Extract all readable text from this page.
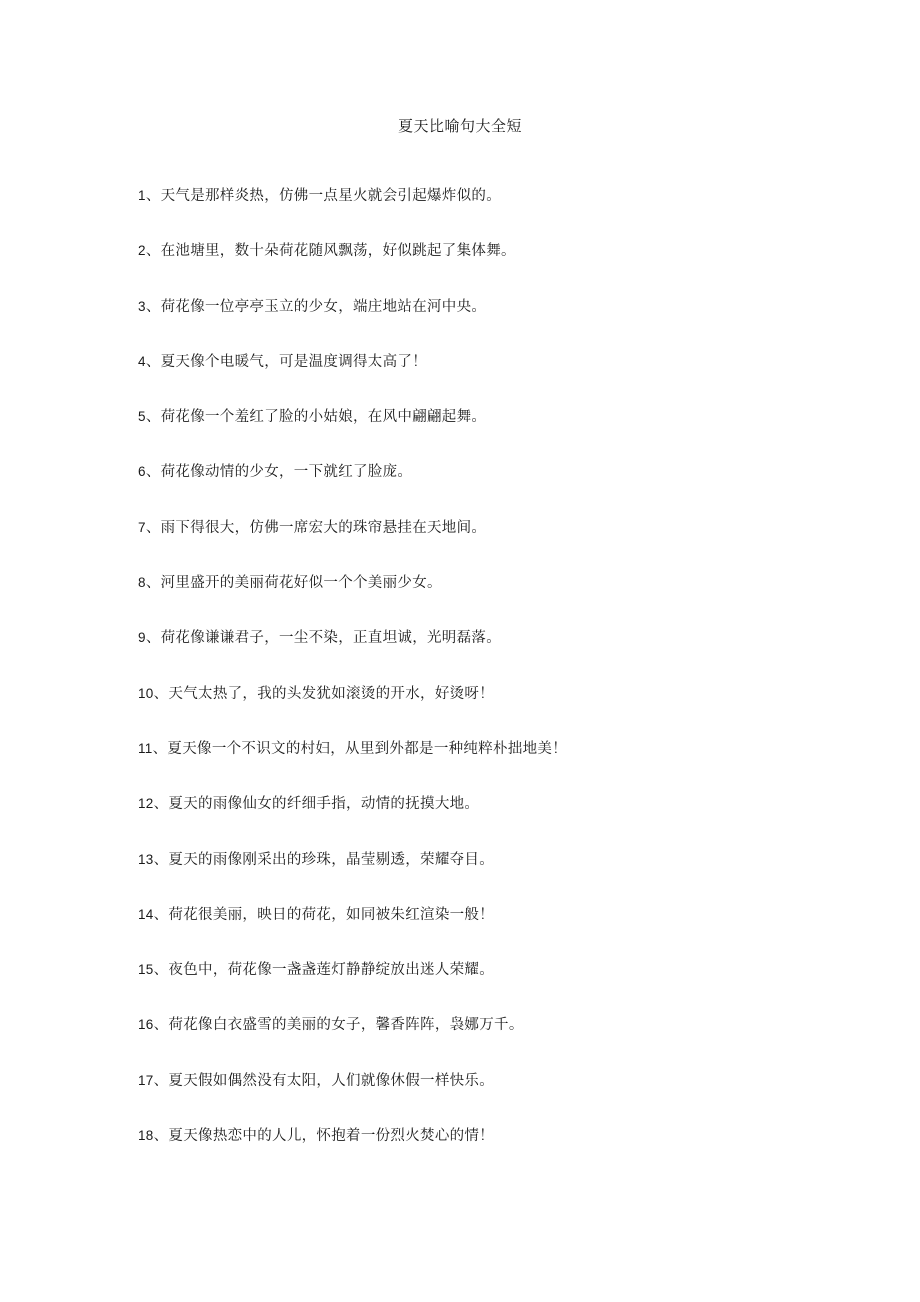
夏天比喻句大全短
1、天气是那样炎热，仿佛一点星火就会引起爆炸似的。
2、在池塘里，数十朵荷花随风飘荡，好似跳起了集体舞。
3、荷花像一位亭亭玉立的少女，端庄地站在河中央。
4、夏天像个电暖气，可是温度调得太高了！
5、荷花像一个羞红了脸的小姑娘，在风中翩翩起舞。
6、荷花像动情的少女，一下就红了脸庞。
7、雨下得很大，仿佛一席宏大的珠帘悬挂在天地间。
8、河里盛开的美丽荷花好似一个个美丽少女。
9、荷花像谦谦君子，一尘不染，正直坦诚，光明磊落。
10、天气太热了，我的头发犹如滚烫的开水，好烫呀！
11、夏天像一个不识文的村妇，从里到外都是一种纯粹朴拙地美！
12、夏天的雨像仙女的纤细手指，动情的抚摸大地。
13、夏天的雨像刚采出的珍珠，晶莹剔透，荣耀夺目。
14、荷花很美丽，映日的荷花，如同被朱红渲染一般！
15、夜色中，荷花像一盏盏莲灯静静绽放出迷人荣耀。
16、荷花像白衣盛雪的美丽的女子，馨香阵阵，袅娜万千。
17、夏天假如偶然没有太阳，人们就像休假一样快乐。
18、夏天像热恋中的人儿，怀抱着一份烈火焚心的情！
